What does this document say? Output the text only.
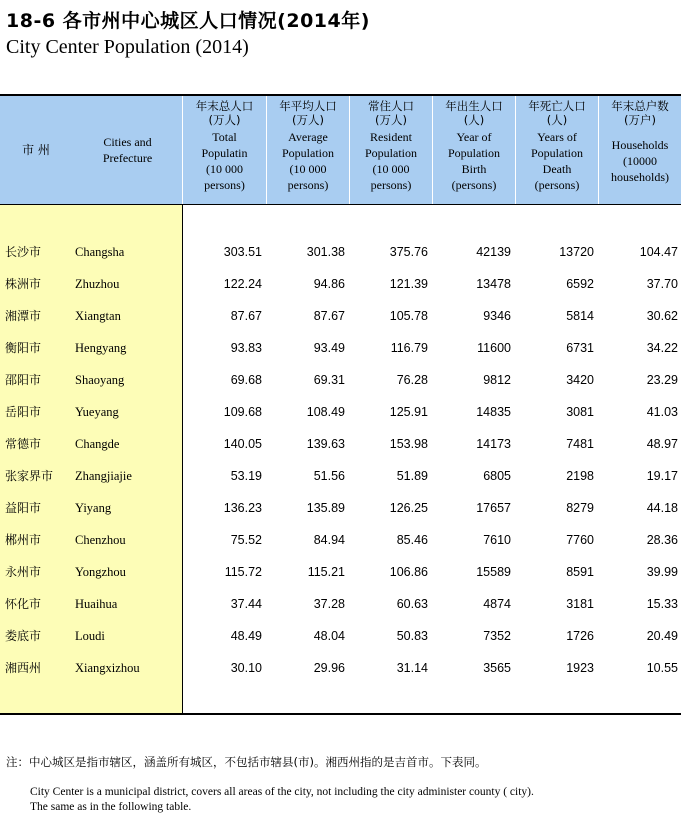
18-6 各市州中心城区人口情况(2014年)
City Center Population (2014)
市 州
Cities and
Prefecture
年末总人口
(万人)
Total
Populatin
(10 000
persons)
年平均人口
(万人)
Average
Population
(10 000
persons)
常住人口
(万人)
Resident
Population
(10 000
persons)
年出生人口
(人)
Year of
Population
Birth
(persons)
年死亡人口
(人)
Years of
Population
Death
(persons)
年末总户数
(万户)
Households
(10000
households)
长沙市	Changsha	303.51	301.38	375.76	42139	13720	104.47
株洲市	Zhuzhou	122.24	94.86	121.39	13478	6592	37.70
湘潭市	Xiangtan	87.67	87.67	105.78	9346	5814	30.62
衡阳市	Hengyang	93.83	93.49	116.79	11600	6731	34.22
邵阳市	Shaoyang	69.68	69.31	76.28	9812	3420	23.29
岳阳市	Yueyang	109.68	108.49	125.91	14835	3081	41.03
常德市	Changde	140.05	139.63	153.98	14173	7481	48.97
张家界市 Zhangjiajie	53.19	51.56	51.89	6805	2198	19.17
益阳市	Yiyang	136.23	135.89	126.25	17657	8279	44.18
郴州市	Chenzhou	75.52	84.94	85.46	7610	7760	28.36
永州市	Yongzhou	115.72	115.21	106.86	15589	8591	39.99
怀化市	Huaihua	37.44	37.28	60.63	4874	3181	15.33
娄底市	Loudi	48.49	48.04	50.83	7352	1726	20.49
湘西州	Xiangxizhou	30.10	29.96	31.14	3565	1923	10.55
注：中心城区是指市辖区，涵盖所有城区，不包括市辖县(市)。湘西州指的是吉首市。下表同。
City Center is a municipal district, covers all areas of the city, not including the city administer county ( city).
The same as in the following table.
